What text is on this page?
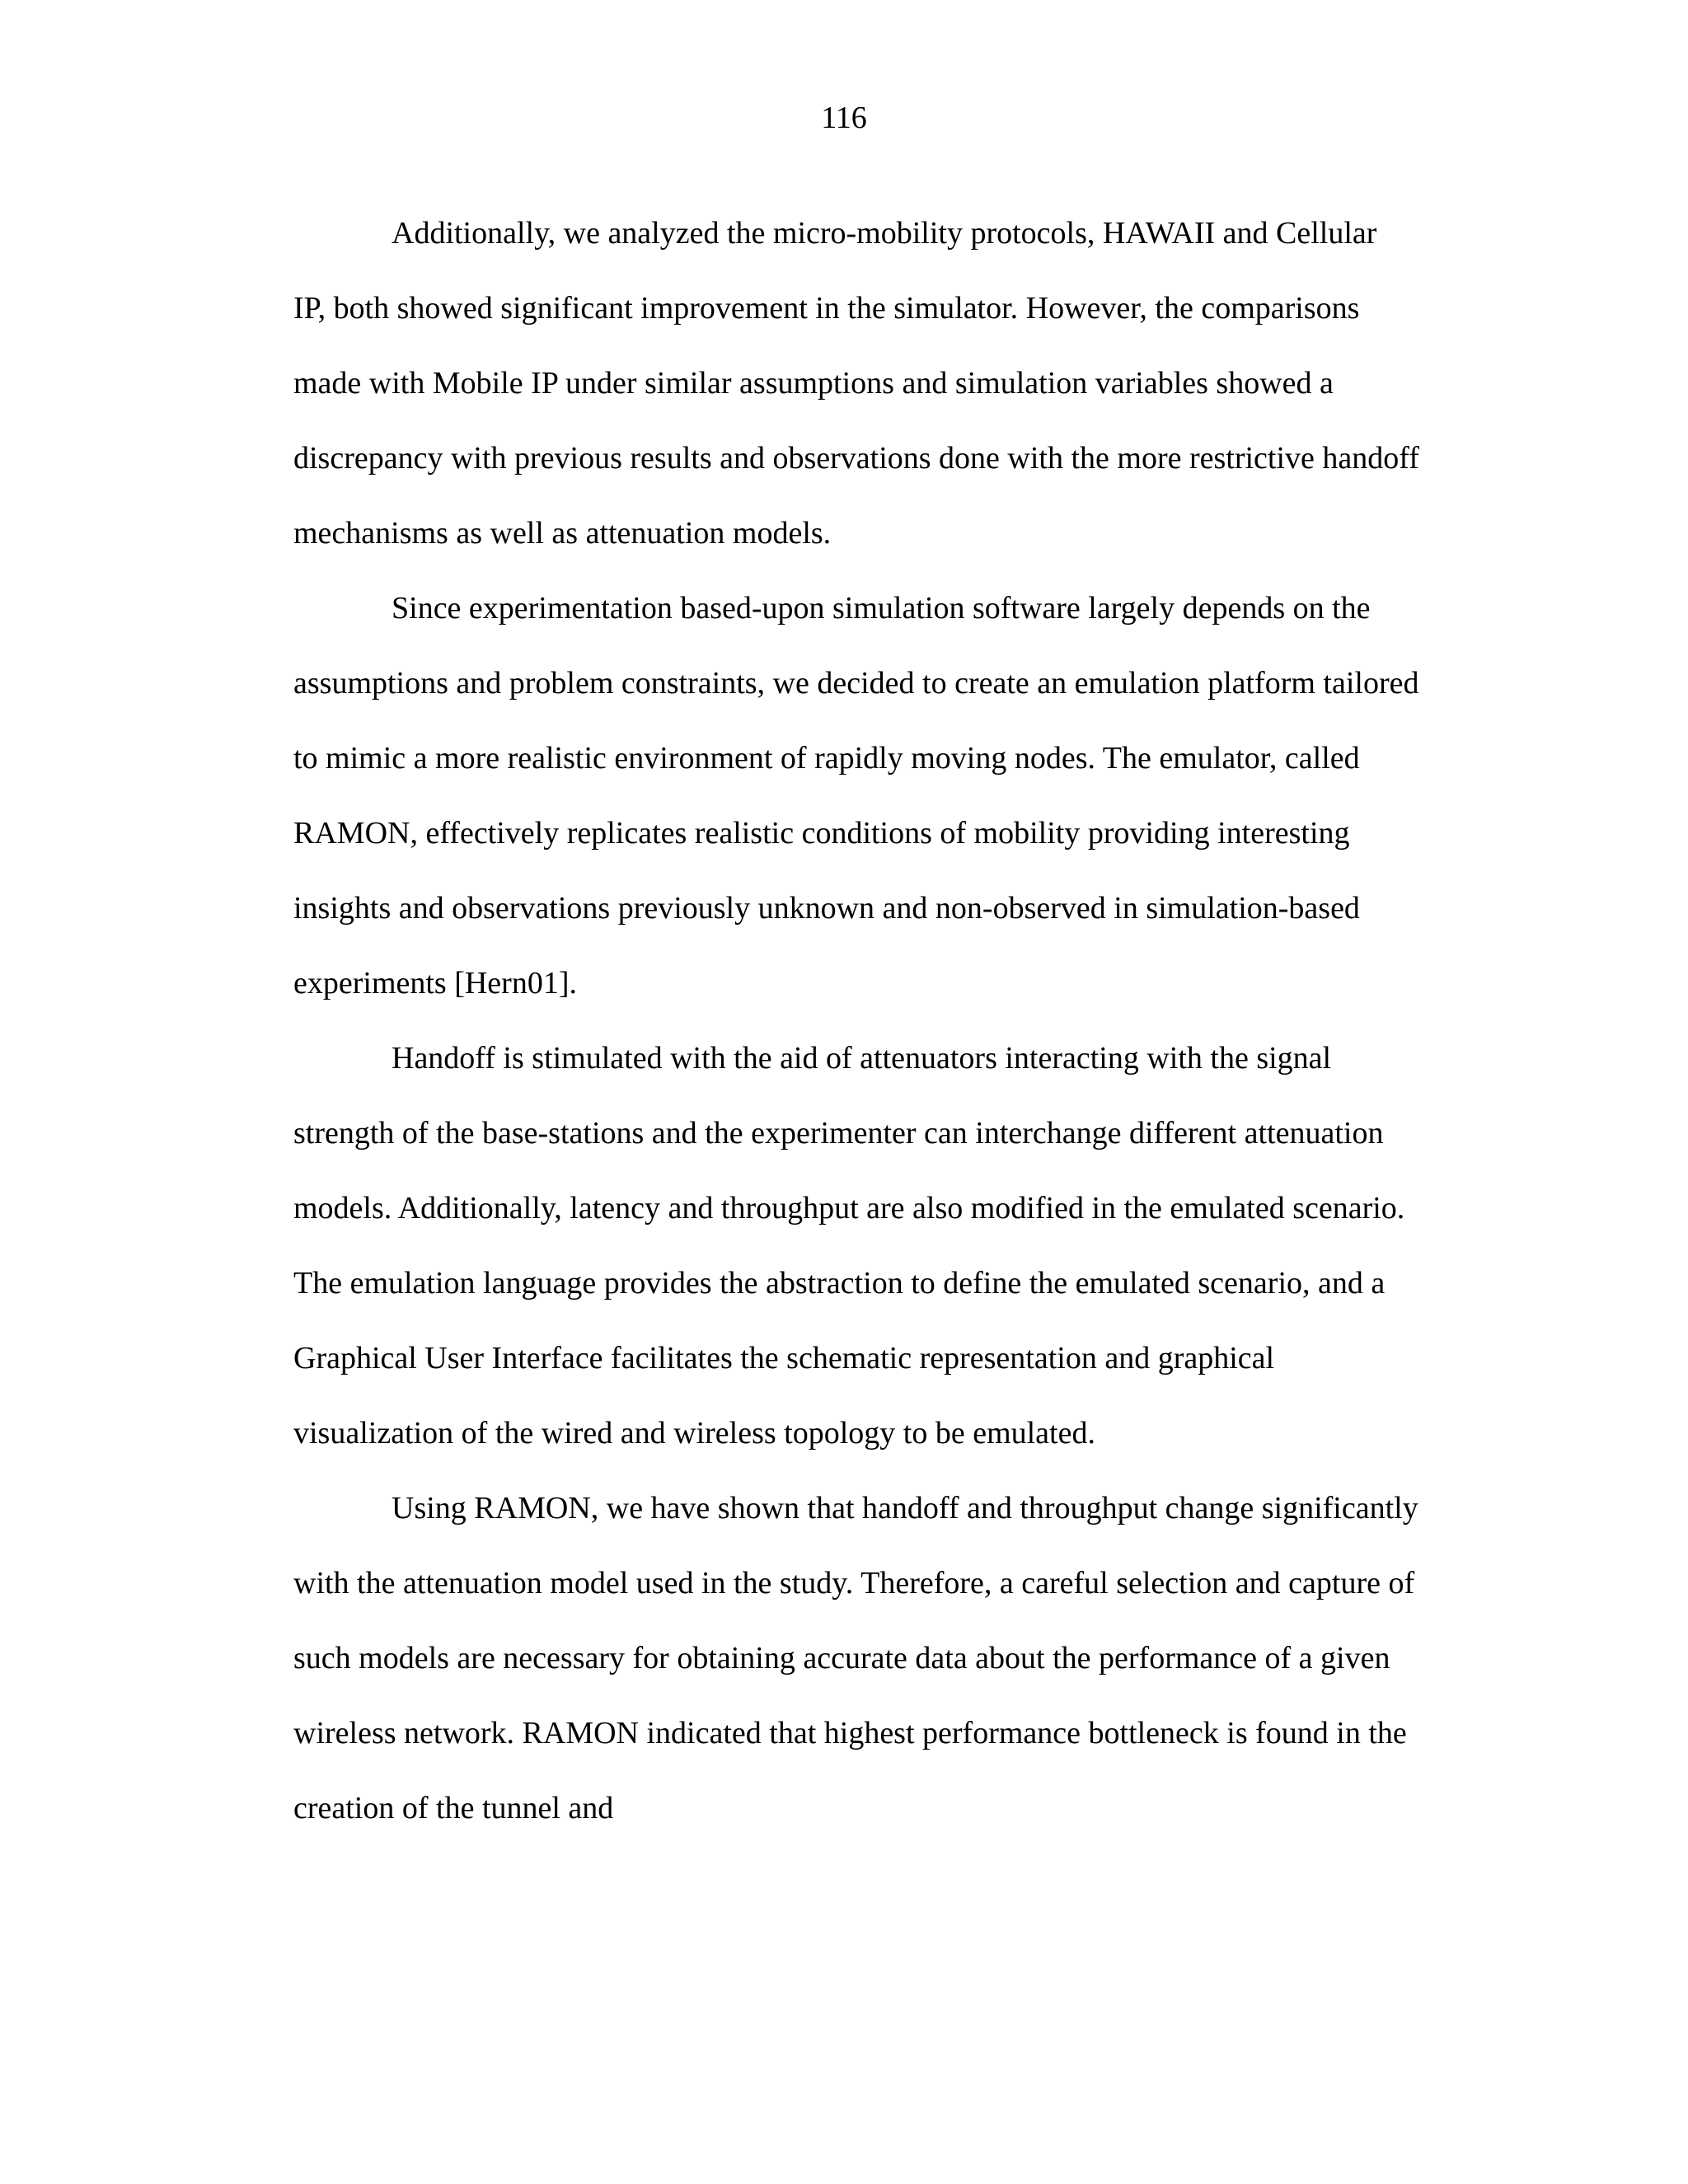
116
Additionally, we analyzed the micro-mobility protocols, HAWAII and Cellular
IP, both showed significant improvement in the simulator. However, the comparisons
made with Mobile IP under similar assumptions and simulation variables showed a
discrepancy with previous results and observations done with the more restrictive handoff
mechanisms as well as attenuation models.
Since experimentation based-upon simulation software largely depends on the
assumptions and problem constraints, we decided to create an emulation platform tailored
to mimic a more realistic environment of rapidly moving nodes. The emulator, called
RAMON, effectively replicates realistic conditions of mobility providing interesting
insights and observations previously unknown and non-observed in simulation-based
experiments [Hern01].
Handoff is stimulated with the aid of attenuators interacting with the signal
strength of the base-stations and the experimenter can interchange different attenuation
models. Additionally, latency and throughput are also modified in the emulated scenario.
The emulation language provides the abstraction to define the emulated scenario, and a
Graphical User Interface facilitates the schematic representation and graphical
visualization of the wired and wireless topology to be emulated.
Using RAMON, we have shown that handoff and throughput change significantly
with the attenuation model used in the study. Therefore, a careful selection and capture of
such models are necessary for obtaining accurate data about the performance of a given
wireless network. RAMON indicated that highest performance bottleneck is found in the
creation of the tunnel and
